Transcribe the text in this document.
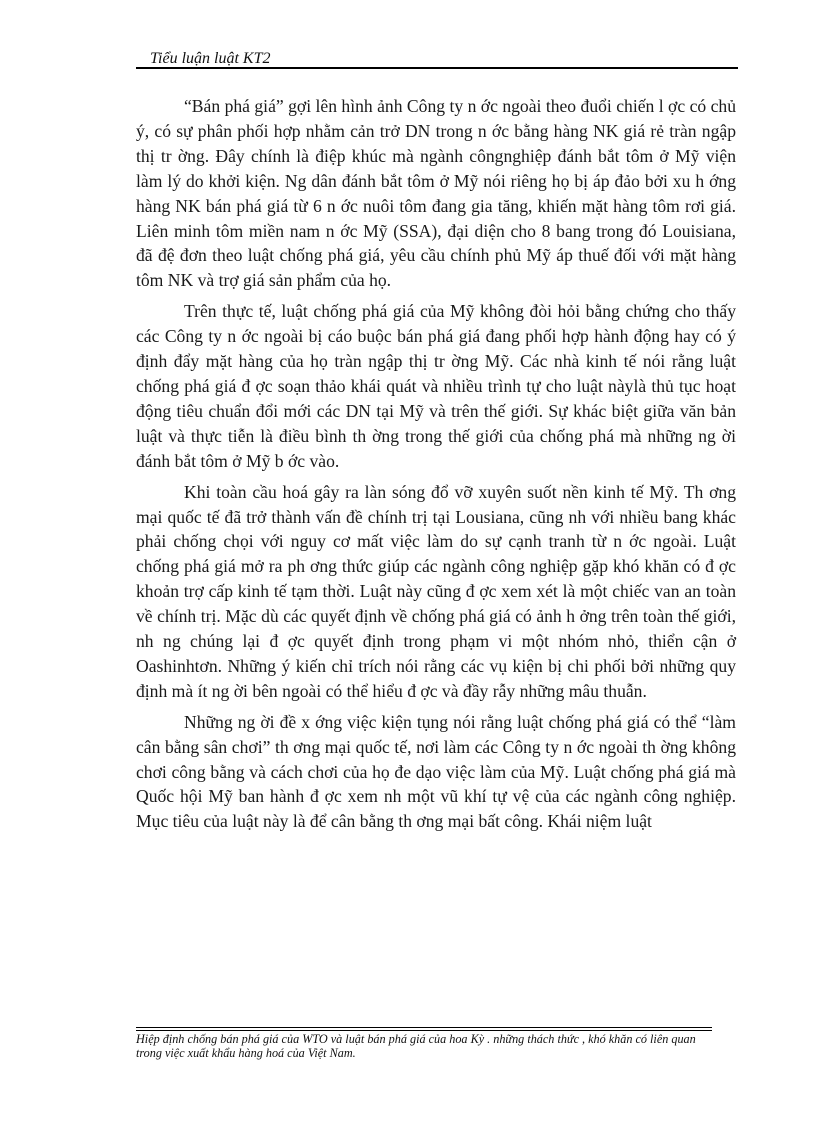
Tiểu luận luật KT2

“Bán phá giá” gợi lên hình ảnh Công ty n ớc ngoài theo đuổi chiến l ợc có chủ ý, có sự phân phối hợp nhằm cản trở DN trong n ớc bằng hàng NK giá rẻ tràn ngập thị tr ờng. Đây chính là điệp khúc mà ngành côngnghiệp đánh bắt tôm ở Mỹ viện làm lý do khởi kiện. Ng dân đánh bắt tôm ở Mỹ nói riêng họ bị áp đảo bởi xu h ớng hàng NK bán phá giá từ 6 n ớc nuôi tôm đang gia tăng, khiến mặt hàng tôm rơi giá. Liên minh tôm miền nam n ớc Mỹ (SSA), đại diện cho 8 bang trong đó Louisiana, đã đệ đơn theo luật chống phá giá, yêu cầu chính phủ Mỹ áp thuế đối với mặt hàng tôm NK và trợ giá sản phẩm của họ.

Trên thực tế, luật chống phá giá của Mỹ không đòi hỏi bằng chứng cho thấy các Công ty n ớc ngoài bị cáo buộc bán phá giá đang phối hợp hành động hay có ý định đẩy mặt hàng của họ tràn ngập thị tr ờng Mỹ. Các nhà kinh tế nói rằng luật chống phá giá đ ợc soạn thảo khái quát và nhiều trình tự cho luật nàylà thủ tục hoạt động tiêu chuẩn đổi mới các DN tại Mỹ và trên thế giới. Sự khác biệt giữa văn bản luật và thực tiễn là điều bình th ờng trong thế giới của chống phá mà những ng ời đánh bắt tôm ở Mỹ b ớc vào.

Khi toàn cầu hoá gây ra làn sóng đổ vỡ xuyên suốt nền kinh tế Mỹ. Th ơng mại quốc tế đã trở thành vấn đề chính trị tại Lousiana, cũng nh với nhiều bang khác phải chống chọi với nguy cơ mất việc làm do sự cạnh tranh từ n ớc ngoài. Luật chống phá giá mở ra ph ơng thức giúp các ngành công nghiệp gặp khó khăn có đ ợc khoản trợ cấp kinh tế tạm thời. Luật này cũng đ ợc xem xét là một chiếc van an toàn về chính trị. Mặc dù các quyết định về chống phá giá có ảnh h ởng trên toàn thế giới, nh ng chúng lại đ ợc quyết định trong phạm vi một nhóm nhỏ, thiển cận ở Oashinhtơn. Những ý kiến chỉ trích nói rằng các vụ kiện bị chi phối bởi những quy định mà ít ng ời bên ngoài có thể hiểu đ ợc và đầy rẫy những mâu thuẫn.

Những ng ời đề x ớng việc kiện tụng nói rằng luật chống phá giá có thể “làm cân bằng sân chơi” th ơng mại quốc tế, nơi làm các Công ty n ớc ngoài th ờng không chơi công bằng và cách chơi của họ đe dạo việc làm của Mỹ. Luật chống phá giá mà Quốc hội Mỹ ban hành đ ợc xem nh một vũ khí tự vệ của các ngành công nghiệp. Mục tiêu của luật này là để cân bằng th ơng mại bất công. Khái niệm luật

Hiệp định chống bán phá giá của WTO và luật bán phá giá của hoa Kỳ . những thách thức , khó khăn có liên quan trong việc xuất khẩu hàng hoá của Việt Nam.
